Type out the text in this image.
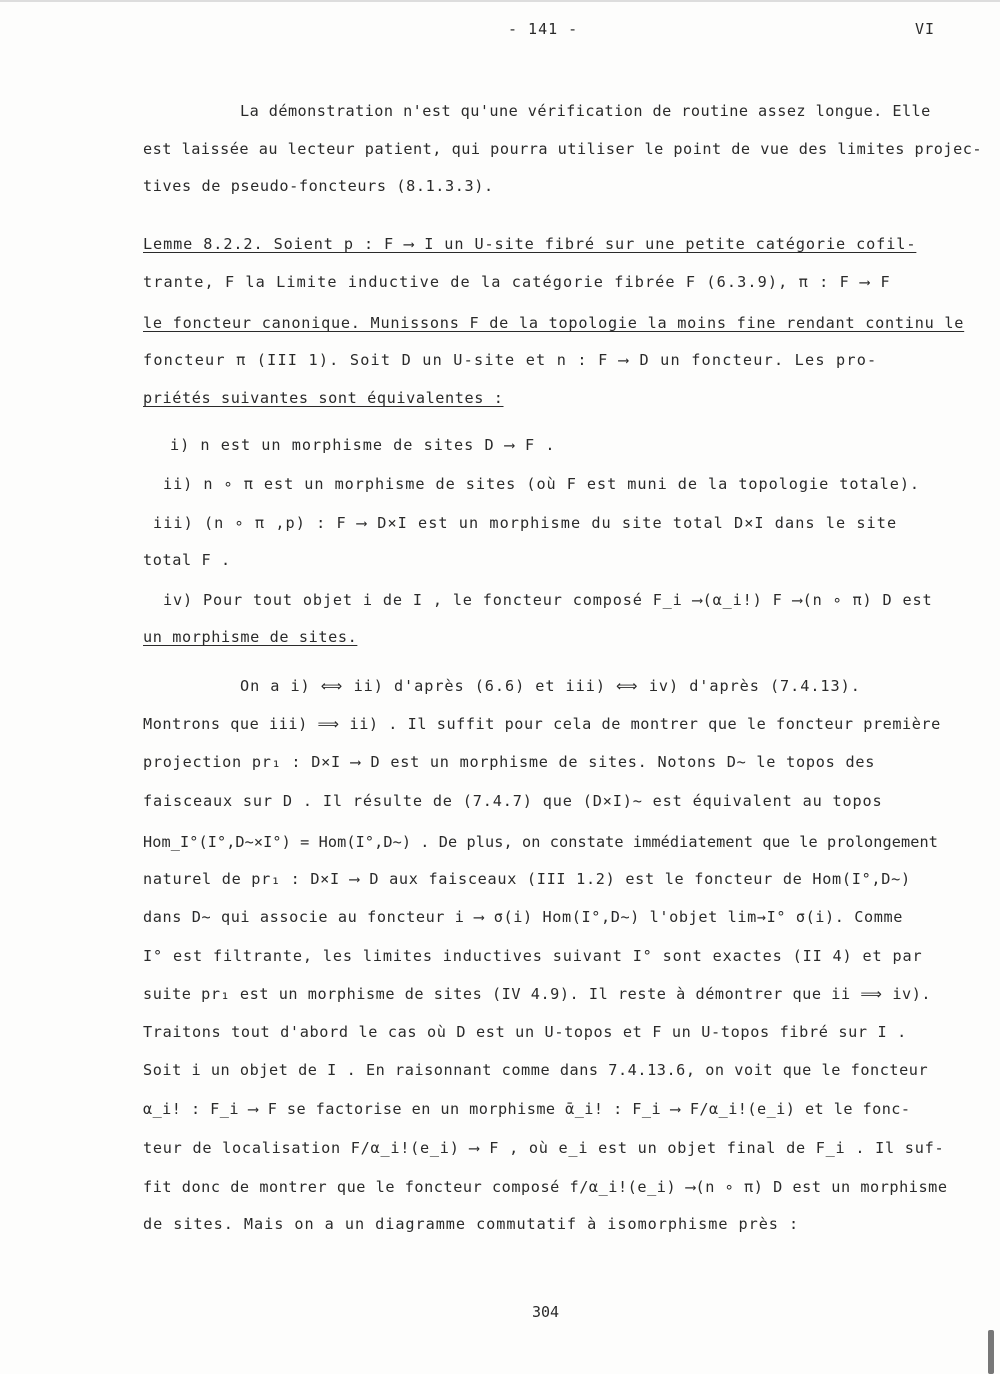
- 141 -	VI
La démonstration n'est qu'une vérification de routine assez longue. Elle
est laissée au lecteur patient, qui pourra utiliser le point de vue des limites projec-
tives de pseudo-foncteurs (8.1.3.3).
Lemme 8.2.2. Soient p : F ⟶ I un U-site fibré sur une petite catégorie cofil-
trante, F la Limite inductive de la catégorie fibrée F (6.3.9), π : F ⟶ F
le foncteur canonique. Munissons F de la topologie la moins fine rendant continu le
foncteur π (III 1). Soit D un U-site et n : F ⟶ D un foncteur. Les pro-
priétés suivantes sont équivalentes :
i) n est un morphisme de sites D ⟶ F .
ii) n ∘ π est un morphisme de sites (où F est muni de la topologie totale).
iii) (n ∘ π ,p) : F ⟶ D×I est un morphisme du site total D×I dans le site
total F .
iv) Pour tout objet i de I , le foncteur composé F_i ⟶(α_i!) F ⟶(n ∘ π) D est
un morphisme de sites.
On a i) ⟺ ii) d'après (6.6) et iii) ⟺ iv) d'après (7.4.13).
Montrons que iii) ⟹ ii) . Il suffit pour cela de montrer que le foncteur première
projection pr₁ : D×I ⟶ D est un morphisme de sites. Notons D~ le topos des
faisceaux sur D . Il résulte de (7.4.7) que (D×I)~ est équivalent au topos
Hom_I°(I°,D~×I°) = Hom(I°,D~) . De plus, on constate immédiatement que le prolongement
naturel de pr₁ : D×I ⟶ D aux faisceaux (III 1.2) est le foncteur de Hom(I°,D~)
dans D~ qui associe au foncteur i ⟶ σ(i) Hom(I°,D~) l'objet lim→I° σ(i). Comme
I° est filtrante, les limites inductives suivant I° sont exactes (II 4) et par
suite pr₁ est un morphisme de sites (IV 4.9). Il reste à démontrer que ii ⟹ iv).
Traitons tout d'abord le cas où D est un U-topos et F un U-topos fibré sur I .
Soit i un objet de I . En raisonnant comme dans 7.4.13.6, on voit que le foncteur
α_i! : F_i ⟶ F se factorise en un morphisme ᾱ_i! : F_i ⟶ F/α_i!(e_i) et le fonc-
teur de localisation F/α_i!(e_i) ⟶ F , où e_i est un objet final de F_i . Il suf-
fit donc de montrer que le foncteur composé f/α_i!(e_i) ⟶(n ∘ π) D est un morphisme
de sites. Mais on a un diagramme commutatif à isomorphisme près :
304
